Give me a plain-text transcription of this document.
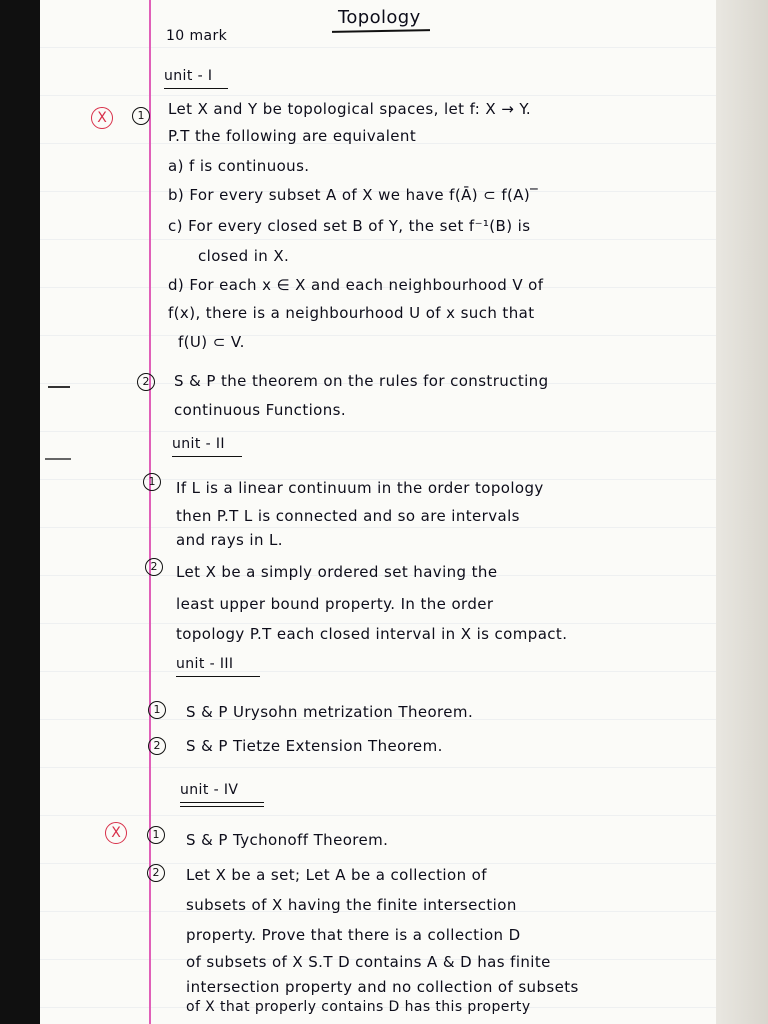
Topology
10 mark
unit - I
X	1	Let X and Y be topological spaces, let f: X → Y.
P.T the following are equivalent
a) f is continuous.
b) For every subset A of X we have f(Ā) ⊂ f(A)‾
c) For every closed set B of Y, the set f⁻¹(B) is
closed in X.
d) For each x ∈ X and each neighbourhood V of
f(x), there is a neighbourhood U of x such that
f(U) ⊂ V.
2	S & P the theorem on the rules for constructing
continuous Functions.
unit - II
1	If L is a linear continuum in the order topology
then P.T L is connected and so are intervals
and rays in L.
2	Let X be a simply ordered set having the
least upper bound property. In the order
topology P.T each closed interval in X is compact.
unit - III
1	S & P Urysohn metrization Theorem.
2	S & P Tietze Extension Theorem.
unit - IV
X	1	S & P Tychonoff Theorem.
2	Let X be a set; Let A be a collection of
subsets of X having the finite intersection
property. Prove that there is a collection D
of subsets of X S.T D contains A & D has finite
intersection property and no collection of subsets
of X that properly contains D has this property
